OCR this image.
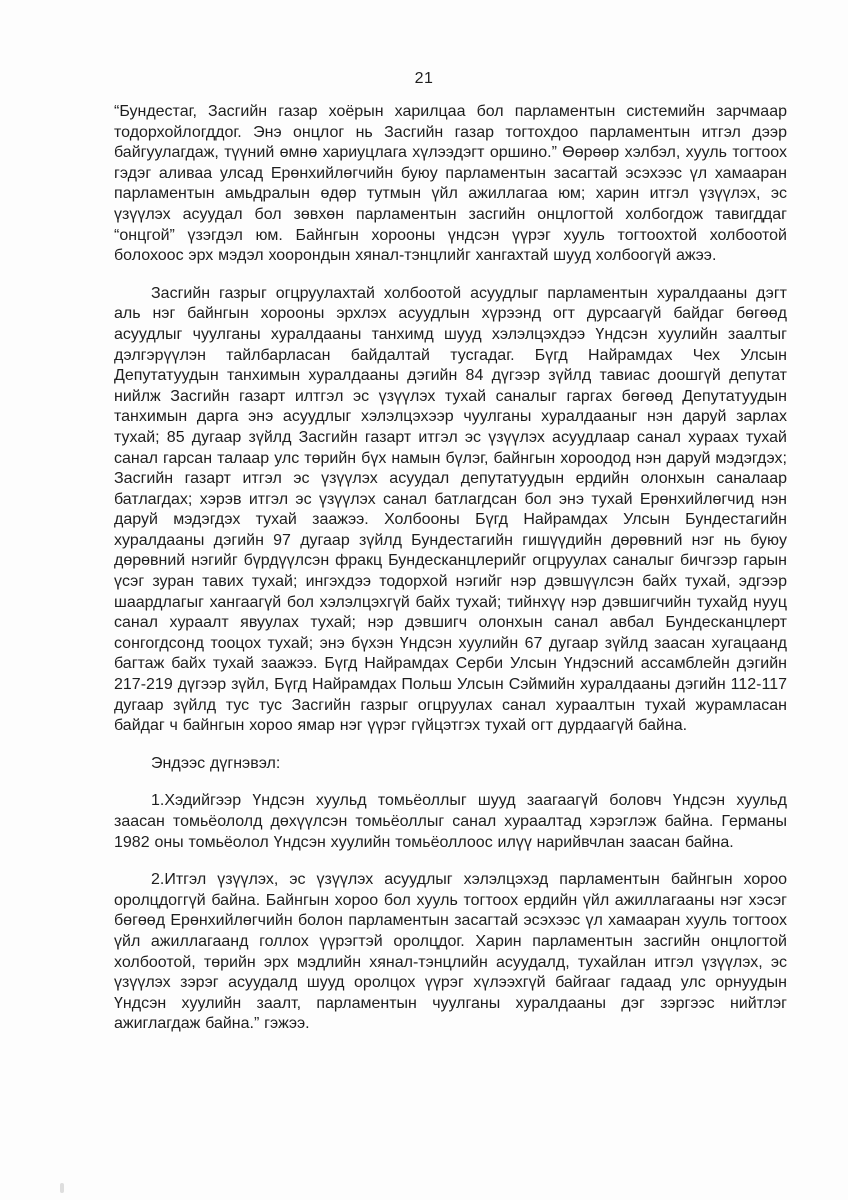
21

“Бундестаг, Засгийн газар хоёрын харилцаа бол парламентын системийн зарчмаар тодорхойлогддог. Энэ онцлог нь Засгийн газар тогтохдоо парламентын итгэл дээр байгуулагдаж, түүний өмнө хариуцлага хүлээдэгт оршино.” Өөрөөр хэлбэл, хууль тогтоох гэдэг аливаа улсад Ерөнхийлөгчийн буюу парламентын засагтай эсэхээс үл хамааран парламентын амьдралын өдөр тутмын үйл ажиллагаа юм; харин итгэл үзүүлэх, эс үзүүлэх асуудал бол зөвхөн парламентын засгийн онцлогтой холбогдож тавигддаг “онцгой” үзэгдэл юм. Байнгын хорооны үндсэн үүрэг хууль тогтоохтой холбоотой болохоос эрх мэдэл хоорондын хянал-тэнцлийг хангахтай шууд холбоогүй ажээ.

Засгийн газрыг огцруулахтай холбоотой асуудлыг парламентын хуралдааны дэгт аль нэг байнгын хорооны эрхлэх асуудлын хүрээнд огт дурсаагүй байдаг бөгөөд асуудлыг чуулганы хуралдааны танхимд шууд хэлэлцэхдээ Үндсэн хуулийн заалтыг дэлгэрүүлэн тайлбарласан байдалтай тусгадаг. Бүгд Найрамдах Чех Улсын Депутатуудын танхимын хуралдааны дэгийн 84 дүгээр зүйлд тавиас доошгүй депутат нийлж Засгийн газарт илтгэл эс үзүүлэх тухай саналыг гаргах бөгөөд Депутатуудын танхимын дарга энэ асуудлыг хэлэлцэхээр чуулганы хуралдааныг нэн даруй зарлах тухай; 85 дугаар зүйлд Засгийн газарт итгэл эс үзүүлэх асуудлаар санал хураах тухай санал гарсан талаар улс төрийн бүх намын бүлэг, байнгын хороодод нэн даруй мэдэгдэх; Засгийн газарт итгэл эс үзүүлэх асуудал депутатуудын ердийн олонхын саналаар батлагдах; хэрэв итгэл эс үзүүлэх санал батлагдсан бол энэ тухай Ерөнхийлөгчид нэн даруй мэдэгдэх тухай заажээ. Холбооны Бүгд Найрамдах Улсын Бундестагийн хуралдааны дэгийн 97 дугаар зүйлд Бундестагийн гишүүдийн дөрөвний нэг нь буюу дөрөвний нэгийг бүрдүүлсэн фракц Бундесканцлерийг огцруулах саналыг бичгээр гарын үсэг зуран тавих тухай; ингэхдээ тодорхой нэгийг нэр дэвшүүлсэн байх тухай, эдгээр шаардлагыг хангаагүй бол хэлэлцэхгүй байх тухай; тийнхүү нэр дэвшигчийн тухайд нууц санал хураалт явуулах тухай; нэр дэвшигч олонхын санал авбал Бундесканцлерт сонгогдсонд тооцох тухай; энэ бүхэн Үндсэн хуулийн 67 дугаар зүйлд заасан хугацаанд багтаж байх тухай заажээ. Бүгд Найрамдах Серби Улсын Үндэсний ассамблейн дэгийн 217-219 дүгээр зүйл, Бүгд Найрамдах Польш Улсын Сэймийн хуралдааны дэгийн 112-117 дугаар зүйлд тус тус Засгийн газрыг огцруулах санал хураалтын тухай журамласан байдаг ч байнгын хороо ямар нэг үүрэг гүйцэтгэх тухай огт дурдаагүй байна.

Эндээс дүгнэвэл:

1.Хэдийгээр Үндсэн хуульд томьёоллыг шууд заагаагүй боловч Үндсэн хуульд заасан томьёололд дөхүүлсэн томьёоллыг санал хураалтад хэрэглэж байна. Германы 1982 оны томьёолол Үндсэн хуулийн томьёоллоос илүү нарийвчлан заасан байна.

2.Итгэл үзүүлэх, эс үзүүлэх асуудлыг хэлэлцэхэд парламентын байнгын хороо оролцдоггүй байна. Байнгын хороо бол хууль тогтоох ердийн үйл ажиллагааны нэг хэсэг бөгөөд Ерөнхийлөгчийн болон парламентын засагтай эсэхээс үл хамааран хууль тогтоох үйл ажиллагаанд голлох үүрэгтэй оролцдог. Харин парламентын засгийн онцлогтой холбоотой, төрийн эрх мэдлийн хянал-тэнцлийн асуудалд, тухайлан итгэл үзүүлэх, эс үзүүлэх зэрэг асуудалд шууд оролцох үүрэг хүлээхгүй байгааг гадаад улс орнуудын Үндсэн хуулийн заалт, парламентын чуулганы хуралдааны дэг зэргээс нийтлэг ажиглагдаж байна.” гэжээ.
